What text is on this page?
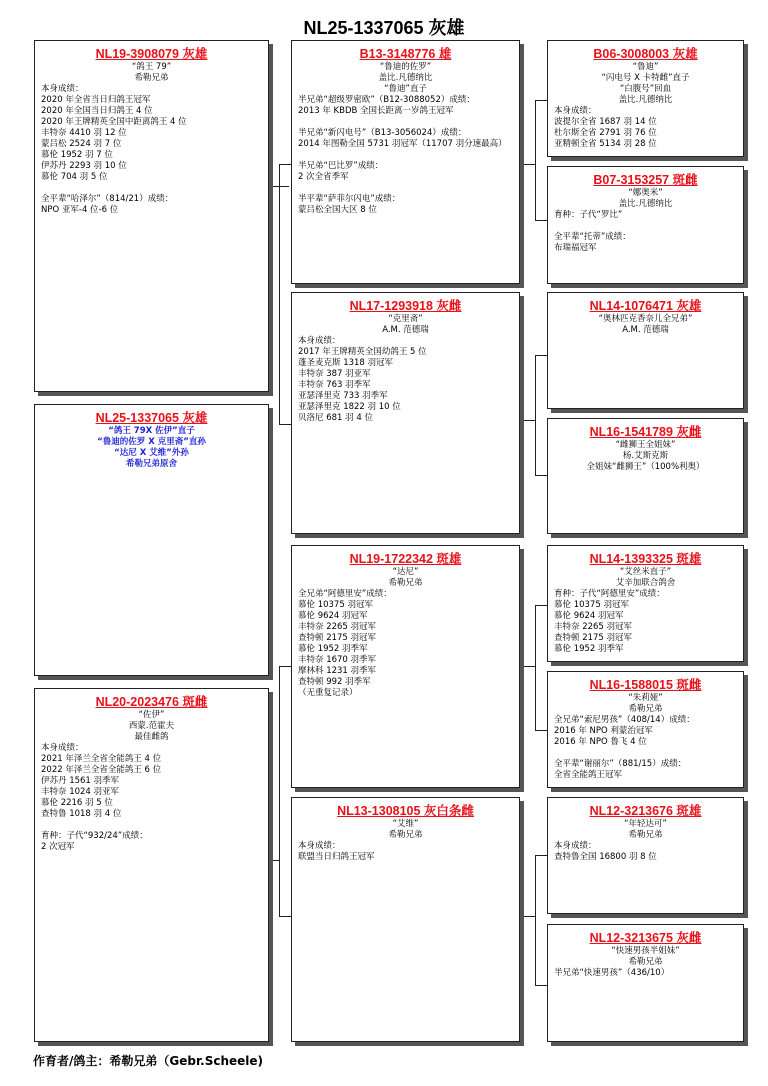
NL25-1337065 灰雄
NL19-3908079 灰雄
“鸽王 79”
希勒兄弟
本身成绩：
2020 年全省当日归鸽王冠军
2020 年全国当日归鸽王 4 位
2020 年王牌精英全国中距离鸽王 4 位
丰特奈 4410 羽 12 位
蒙吕松 2524 羽 7 位
慕伦 1952 羽 7 位
伊苏丹 2293 羽 10 位
慕伦 704 羽 5 位
全平辈“哈泽尔”（814/21）成绩：
NPO 亚军-4 位-6 位
NL25-1337065 灰雄
“鸽王 79X 佐伊”直子
“鲁迪的佐罗 X 克里斋”直孙
“达尼 X 艾维”外孙
希勒兄弟原舍
NL20-2023476 斑雌
“佐伊”
西蒙.范霍夫
最佳雌鸽
本身成绩：
2021 年泽兰全省全能鸽王 4 位
2022 年泽兰全省全能鸽王 6 位
伊苏丹 1561 羽季军
丰特奈 1024 羽亚军
慕伦 2216 羽 5 位
查特鲁 1018 羽 4 位
育种：子代“932/24”成绩：
2 次冠军
B13-3148776 雄
“鲁迪的佐罗”
盖比.凡德纳比
“鲁迪”直子
半兄弟“超级罗密欧”（B12-3088052）成绩：
2013 年 KBDB 全国长距离一岁鸽王冠军
半兄弟“新闪电号”（B13-3056024）成绩：
2014 年图勒全国 5731 羽冠军（11707 羽分速最高）
半兄弟“巴比罗”成绩：
2 次全省季军
半平辈“萨菲尔闪电”成绩：
蒙吕松全国大区 8 位
NL17-1293918 灰雌
“克里斋”
A.M. 范德瑞
本身成绩：
2017 年王牌精英全国幼鸽王 5 位
蓬圣麦克斯 1318 羽冠军
丰特奈 387 羽亚军
丰特奈 763 羽季军
亚瑟泽里克 733 羽季军
亚瑟泽里克 1822 羽 10 位
贝洛尼 681 羽 4 位
NL19-1722342 斑雄
“达尼”
希勒兄弟
全兄弟“阿德里安”成绩：
慕伦 10375 羽冠军
慕伦 9624 羽冠军
丰特奈 2265 羽冠军
查特顿 2175 羽冠军
慕伦 1952 羽季军
丰特奈 1670 羽季军
摩林科 1231 羽季军
查特顿 992 羽季军
（无重复记录）
NL13-1308105 灰白条雌
“艾维”
希勒兄弟
本身成绩：
联盟当日归鸽王冠军
B06-3008003 灰雄
“鲁迪”
“闪电号 X 卡特雌”直子
“白腹号”回血
盖比.凡德纳比
本身成绩：
波提尔全省 1687 羽 14 位
杜尔斯全省 2791 羽 76 位
亚精顿全省 5134 羽 28 位
B07-3153257 斑雌
“娜奥米”
盖比.凡德纳比
育种：子代“罗比”
全平辈“托蒂”成绩：
布瑞福冠军
NL14-1076471 灰雄
“奥林匹克香奈儿全兄弟”
A.M. 范德瑞
NL16-1541789 灰雌
“雌狮王全姐妹”
杨.艾斯克斯
全姐妹“雌狮王”（100%利奥）
NL14-1393325 斑雄
“艾丝米直子”
艾辛加联合鸽舍
育种：子代“阿德里安”成绩：
慕伦 10375 羽冠军
慕伦 9624 羽冠军
丰特奈 2265 羽冠军
查特顿 2175 羽冠军
慕伦 1952 羽季军
NL16-1588015 斑雌
“朱莉娅”
希勒兄弟
全兄弟“索尼男孩”（408/14）成绩：
2016 年 NPO 利蒙治冠军
2016 年 NPO 鲁飞 4 位
全平辈“谢丽尔”（881/15）成绩：
全省全能鸽王冠军
NL12-3213676 斑雄
“年轻达可”
希勒兄弟
本身成绩：
查特鲁全国 16800 羽 8 位
NL12-3213675 灰雌
“快速男孩半姐妹”
希勒兄弟
半兄弟“快速男孩”（436/10）
作育者/鸽主：希勒兄弟（Gebr.Scheele)
